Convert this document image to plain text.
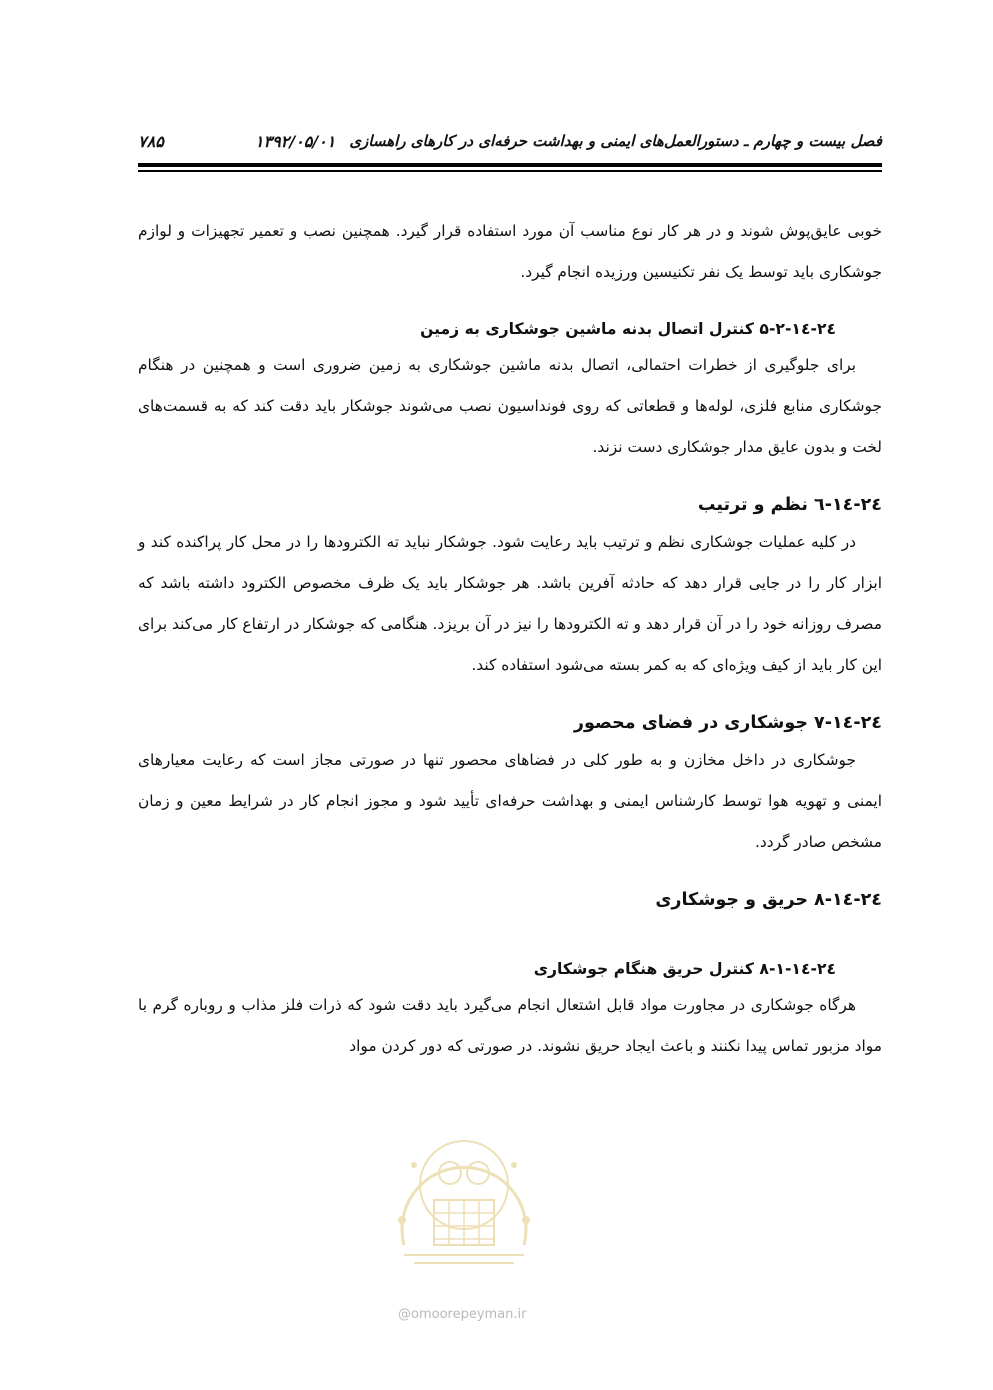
فصل بیست و چهارم ـ دستورالعمل‌های ایمنی و بهداشت حرفه‌ای در کارهای راهسازی
۱۳۹۲/۰۵/۰۱
۷۸۵

خوبی عایق‌پوش شوند و در هر کار نوع مناسب آن مورد استفاده قرار گیرد. همچنین نصب و تعمیر تجهیزات و لوازم جوشکاری باید توسط یک نفر تکنیسین ورزیده انجام گیرد.

۲٤-۱٤-۵-۲ کنترل اتصال بدنه ماشین جوشکاری به زمین

برای جلوگیری از خطرات احتمالی، اتصال بدنه ماشین جوشکاری به زمین ضروری است و همچنین در هنگام جوشکاری منابع فلزی، لوله‌ها و قطعاتی که روی فونداسیون نصب می‌شوند جوشکار باید دقت کند که به قسمت‌های لخت و بدون عایق مدار جوشکاری دست نزند.

۲٤-۱٤-٦ نظم و ترتیب

در کلیه عملیات جوشکاری نظم و ترتیب باید رعایت شود. جوشکار نباید ته الکترودها را در محل کار پراکنده کند و ابزار کار را در جایی قرار دهد که حادثه آفرین باشد. هر جوشکار باید یک ظرف مخصوص الکترود داشته باشد که مصرف روزانه خود را در آن قرار دهد و ته الکترودها را نیز در آن بریزد. هنگامی که جوشکار در ارتفاع کار می‌کند برای این کار باید از کیف ویژه‌ای که به کمر بسته می‌شود استفاده کند.

۲٤-۱٤-۷ جوشکاری در فضای محصور

جوشکاری در داخل مخازن و به طور کلی در فضاهای محصور تنها در صورتی مجاز است که رعایت معیارهای ایمنی و تهویه هوا توسط کارشناس ایمنی و بهداشت حرفه‌ای تأیید شود و مجوز انجام کار در شرایط معین و زمان مشخص صادر گردد.

۲٤-۱٤-۸ حریق و جوشکاری
۲٤-۱٤-۸-۱ کنترل حریق هنگام جوشکاری

هرگاه جوشکاری در مجاورت مواد قابل اشتعال انجام می‌گیرد باید دقت شود که ذرات فلز مذاب و روباره گرم با مواد مزبور تماس پیدا نکنند و باعث ایجاد حریق نشوند. در صورتی که دور کردن مواد

@omoorepeyman.ir
